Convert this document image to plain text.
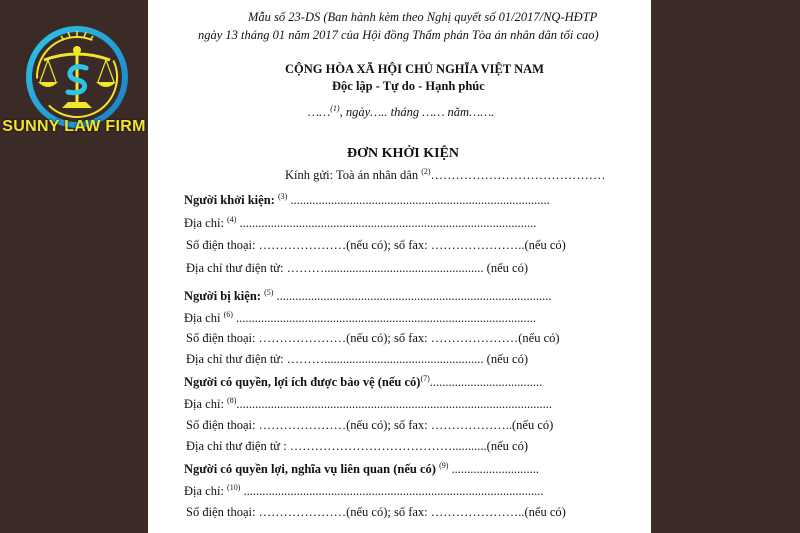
SUNNY LAW FIRM
Mẫu số 23-DS (Ban hành kèm theo Nghị quyết số 01/2017/NQ-HĐTP
ngày 13 tháng 01 năm 2017 của Hội đồng Thẩm phán Tòa án nhân dân tối cao)
CỘNG HÒA XÃ HỘI CHỦ NGHĨA VIỆT NAM
Độc lập - Tự do - Hạnh phúc
……$^{(1)}$, ngày….. tháng …… năm…….
ĐƠN KHỞI KIỆN
Kính gửi: Toà án nhân dân $^{(2)}$……………………………………
Người khởi kiện: $^{(3)}$ ...................................................................................
Địa chỉ: $^{(4)}$ ...............................................................................................
Số điện thoại: …………………(nếu có); số fax: …………………..(nếu có)
Địa chỉ thư điện tử: ………................................................... (nếu có)
Người bị kiện: $^{(5)}$ ........................................................................................
Địa chỉ $^{(6)}$ ................................................................................................
Số điện thoại: …………………(nếu có); số fax: …………………(nếu có)
Địa chỉ thư điện tử: ………................................................... (nếu có)
Người có quyền, lợi ích được bảo vệ (nếu có)$^{(7)}$....................................
Địa chỉ: $^{(8)}$.....................................................................................................
Số điện thoại: …………………(nếu có); số fax: ………………..(nếu có)
Địa chỉ thư điện tử : …………………………………...........(nếu có)
Người có quyền lợi, nghĩa vụ liên quan (nếu có) $^{(9)}$ ............................
Địa chỉ: $^{(10)}$ ................................................................................................
Số điện thoại: …………………(nếu có); số fax: …………………..(nếu có)
